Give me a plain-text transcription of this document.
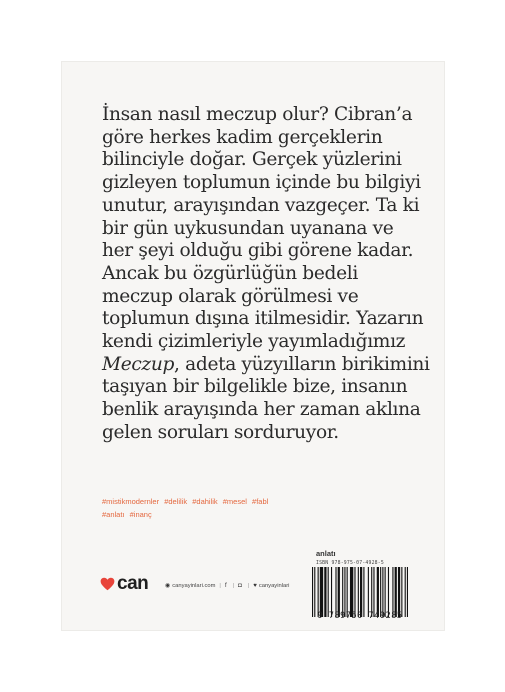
İnsan nasıl meczup olur? Cibran’a
göre herkes kadim gerçeklerin
bilinciyle doğar. Gerçek yüzlerini
gizleyen toplumun içinde bu bilgiyi
unutur, arayışından vazgeçer. Ta ki
bir gün uykusundan uyanana ve
her şeyi olduğu gibi görene kadar.
Ancak bu özgürlüğün bedeli
meczup olarak görülmesi ve
toplumun dışına itilmesidir. Yazarın
kendi çizimleriyle yayımladığımız
Meczup, adeta yüzyılların birikimini
taşıyan bir bilgelikle bize, insanın
benlik arayışında her zaman aklına
gelen soruları sorduruyor.
#mistikmodernler #delilik #dahilik #mesel #fabl
#anlatı #inanç
anlatı
ISBN 978-975-07-4928-5
9 789750 749285
can	◉ canyayinlari.com | f | ◘ | ♥ canyayinlari
